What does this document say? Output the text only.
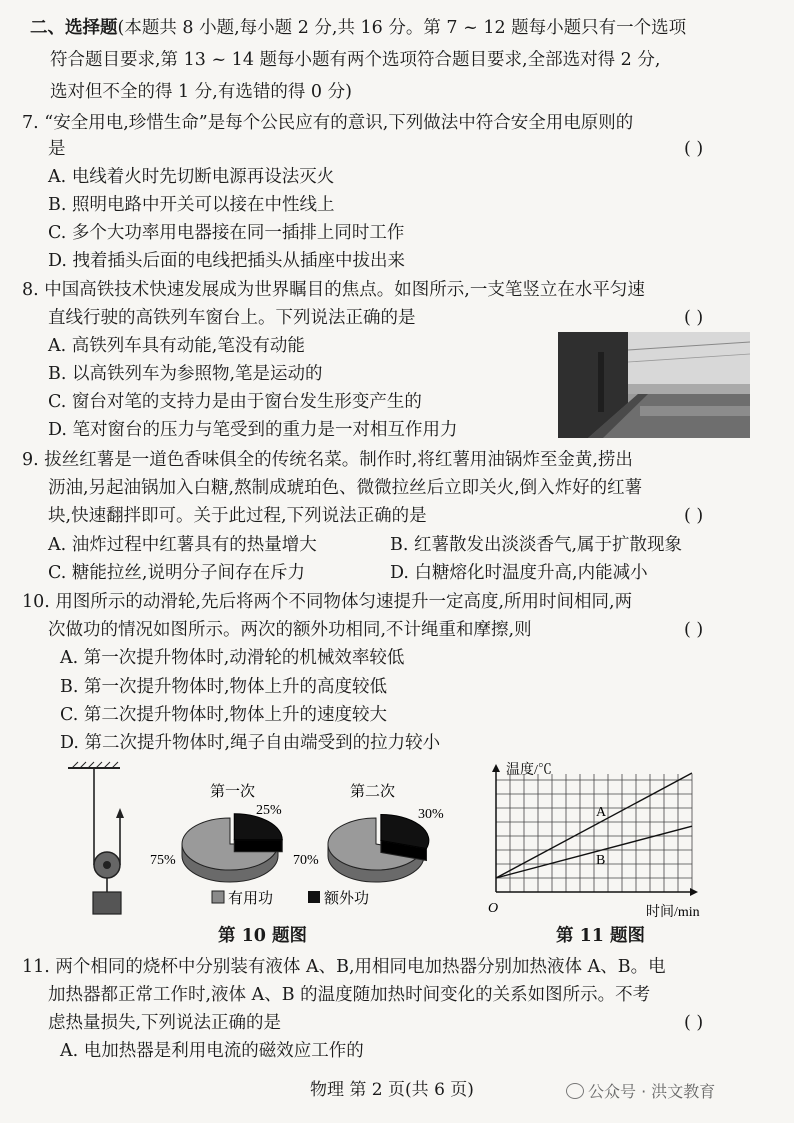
二、选择题(本题共 8 小题,每小题 2 分,共 16 分。第 7 ~ 12 题每小题只有一个选项
符合题目要求,第 13 ~ 14 题每小题有两个选项符合题目要求,全部选对得 2 分,
选对但不全的得 1 分,有选错的得 0 分)
7. “安全用电,珍惜生命”是每个公民应有的意识,下列做法中符合安全用电原则的
是	( )
A. 电线着火时先切断电源再设法灭火
B. 照明电路中开关可以接在中性线上
C. 多个大功率用电器接在同一插排上同时工作
D. 拽着插头后面的电线把插头从插座中拔出来
8. 中国高铁技术快速发展成为世界瞩目的焦点。如图所示,一支笔竖立在水平匀速
直线行驶的高铁列车窗台上。下列说法正确的是	( )
A. 高铁列车具有动能,笔没有动能
B. 以高铁列车为参照物,笔是运动的
C. 窗台对笔的支持力是由于窗台发生形变产生的
D. 笔对窗台的压力与笔受到的重力是一对相互作用力
9. 拔丝红薯是一道色香味俱全的传统名菜。制作时,将红薯用油锅炸至金黄,捞出
沥油,另起油锅加入白糖,熬制成琥珀色、微微拉丝后立即关火,倒入炸好的红薯
块,快速翻拌即可。关于此过程,下列说法正确的是	( )
A. 油炸过程中红薯具有的热量增大	B. 红薯散发出淡淡香气,属于扩散现象
C. 糖能拉丝,说明分子间存在斥力	D. 白糖熔化时温度升高,内能减小
10. 用图所示的动滑轮,先后将两个不同物体匀速提升一定高度,所用时间相同,两
次做功的情况如图所示。两次的额外功相同,不计绳重和摩擦,则	( )
A. 第一次提升物体时,动滑轮的机械效率较低
B. 第一次提升物体时,物体上升的高度较低
C. 第二次提升物体时,物体上升的速度较大
D. 第二次提升物体时,绳子自由端受到的拉力较小
第一次	第二次
25%
75%
30%
70%
有用功	额外功
第 10 题图
温度/℃
O	时间/min
A
B
第 11 题图
11. 两个相同的烧杯中分别装有液体 A、B,用相同电加热器分别加热液体 A、B。电
加热器都正常工作时,液体 A、B 的温度随加热时间变化的关系如图所示。不考
虑热量损失,下列说法正确的是	( )
A. 电加热器是利用电流的磁效应工作的
物理 第 2 页(共 6 页)	公众号 · 洪文教育
